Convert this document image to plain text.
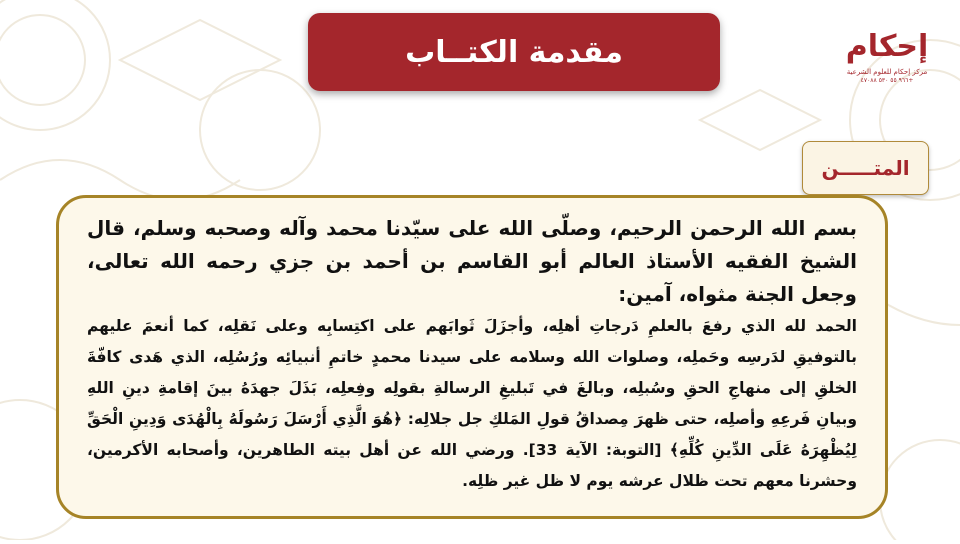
إحكام
مركز إحكام للعلوم الشرعية
+٩٦٦ ٥٥ ٥٣٠ ٤٧٠٨٨
مقدمة الكتــاب
المتـــــن

بسم الله الرحمن الرحيم، وصلّى الله على سيّدنا محمد وآله وصحبه وسلم، قال الشيخ الفقيه الأستاذ العالم أبو القاسم بن أحمد بن جزي رحمه الله تعالى، وجعل الجنة مثواه، آمين:

الحمد لله الذي رفعَ بالعلمِ دَرجاتِ أهلِه، وأجزَلَ ثَوابَهم على اكتِسابِه وعلى نَقلِه، كما أنعمَ عليهم بالتوفيقِ لدَرسِه وحَملِه، وصلوات الله وسلامه على سيدنا محمدٍ خاتمِ أنبيائِه ورُسُلِه، الذي هَدى كافّةَ الخلقِ إلى منهاجِ الحقِ وسُبلِه، وبالغَ في تَبليغِ الرسالةِ بقولِه وفِعلِه، بَذَلَ جهدَهُ بينَ إقامةِ دينِ اللهِ وبيانِ فَرعِهِ وأصلِه، حتى ظهرَ مِصداقُ قولِ المَلكِ جل جلالِه: ﴿هُوَ الَّذِي أَرْسَلَ رَسُولَهُ بِالْهُدَى وَدِينِ الْحَقِّ لِيُظْهِرَهُ عَلَى الدِّينِ كُلِّهِ﴾ [التوبة: الآية 33]. ورضي الله عن أهل بيته الطاهرين، وأصحابه الأكرمين، وحشرنا معهم تحت ظلال عرشه يوم لا ظل غير ظلِه.
